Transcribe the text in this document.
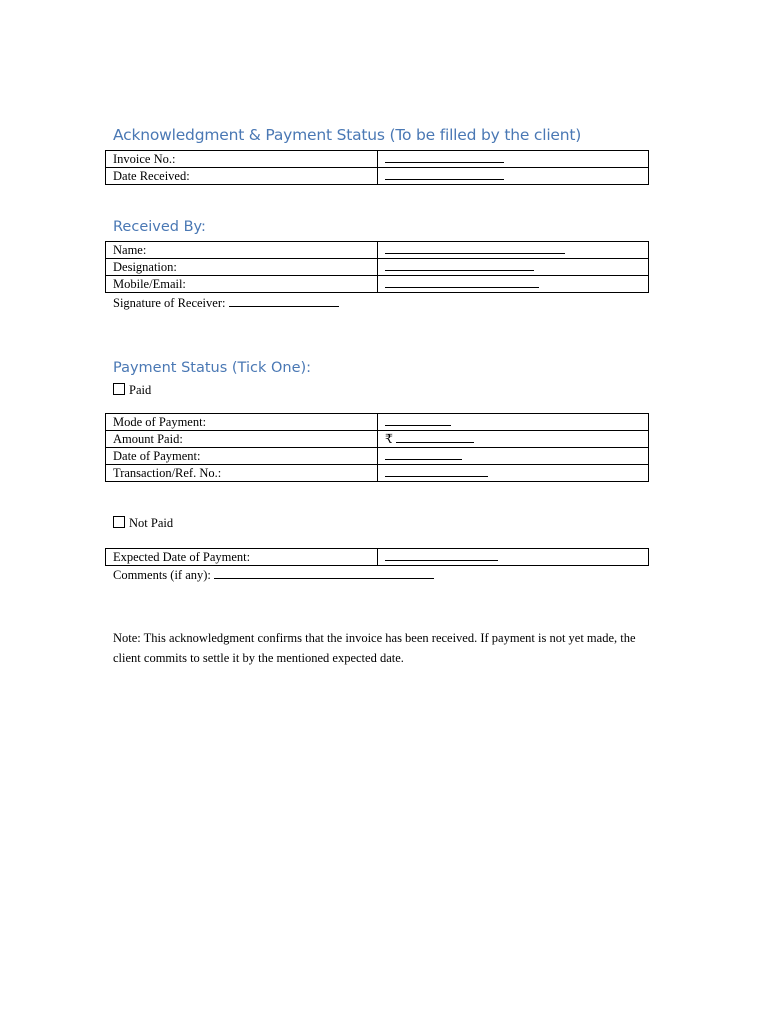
Acknowledgment & Payment Status (To be filled by the client)
Invoice No.:	
Date Received:	
Received By:
Name:	
Designation:	
Mobile/Email:	
Signature of Receiver:
Payment Status (Tick One):
Paid
Mode of Payment:	
Amount Paid:	₹
Date of Payment:	
Transaction/Ref. No.:	
Not Paid
Expected Date of Payment:	
Comments (if any):
Note: This acknowledgment confirms that the invoice has been received. If payment is not yet made, the client commits to settle it by the mentioned expected date.
